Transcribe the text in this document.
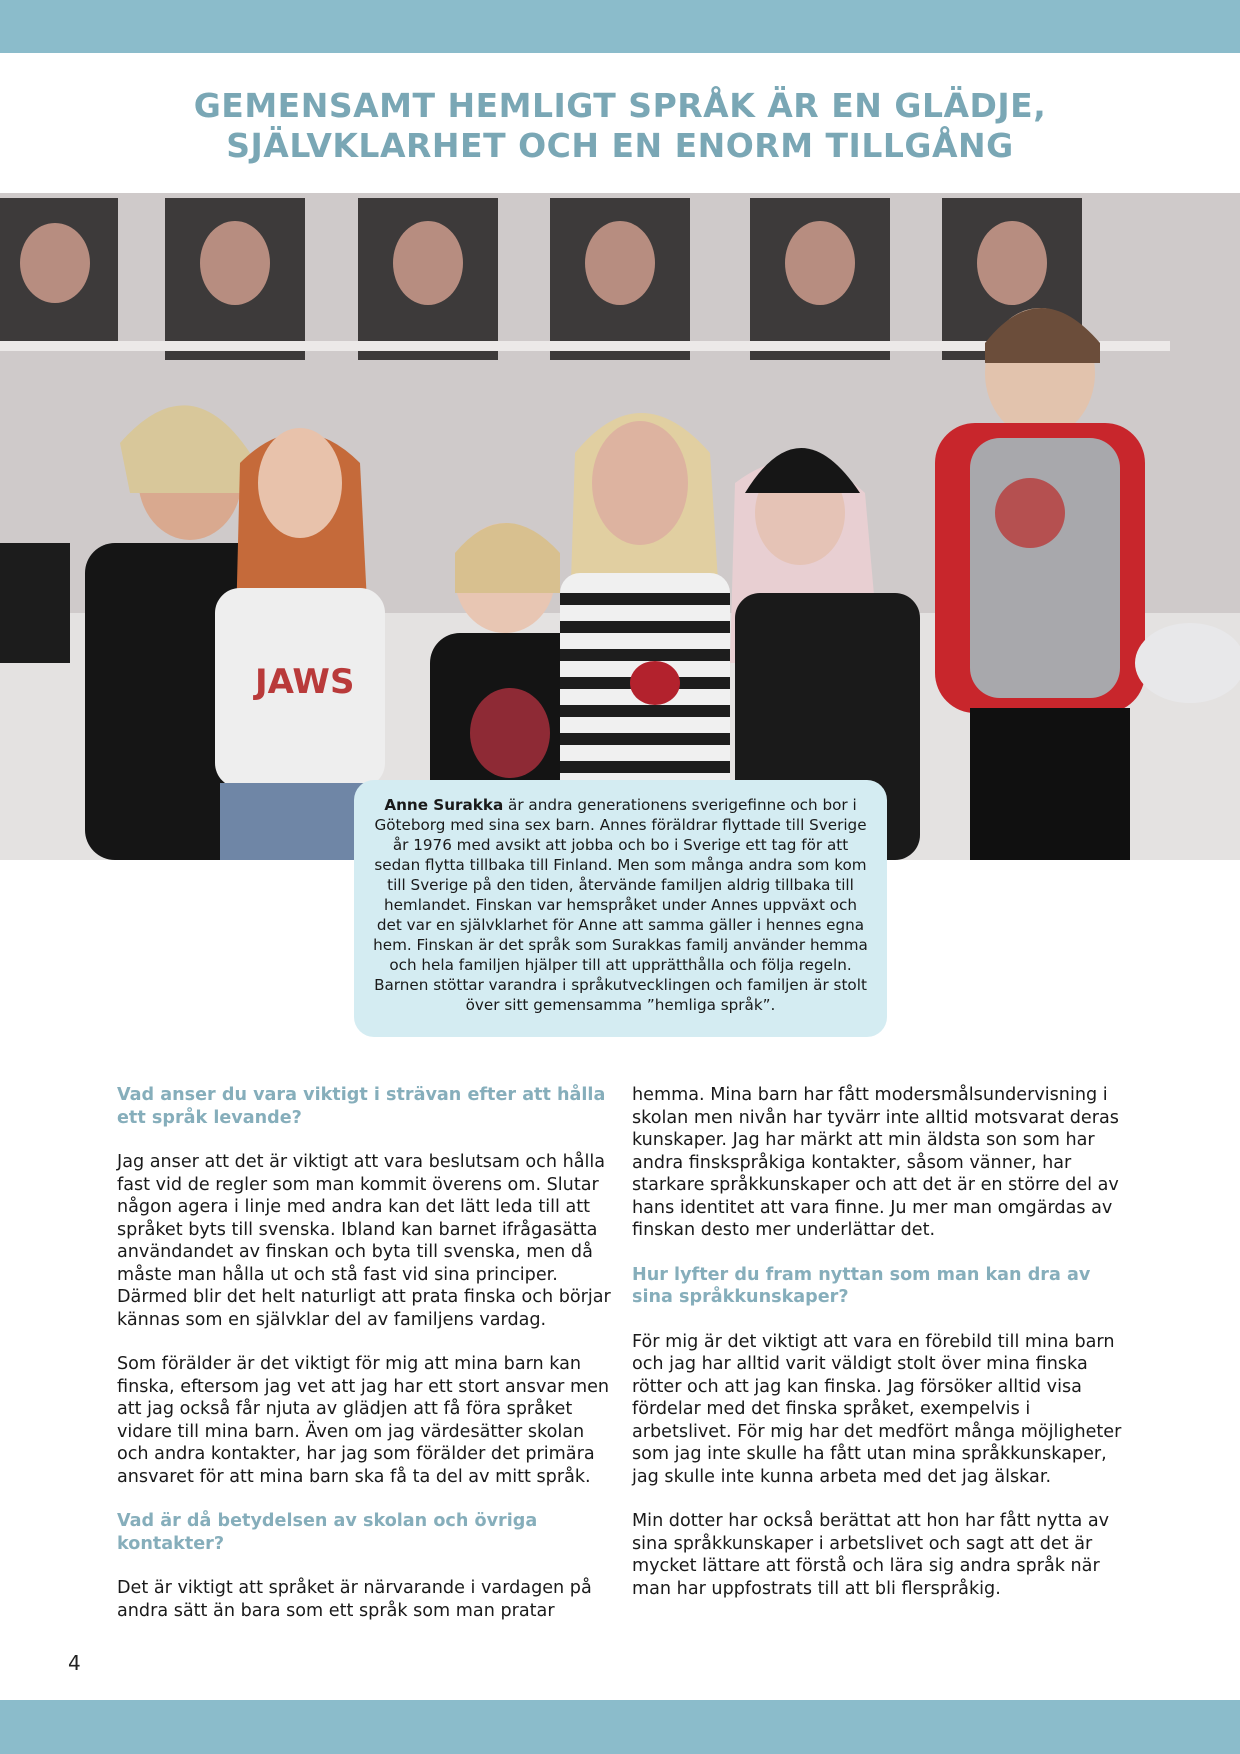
GEMENSAMT HEMLIGT SPRÅK ÄR EN GLÄDJE,
SJÄLVKLARHET OCH EN ENORM TILLGÅNG
JAWS
Anne Surakka är andra generationens sverigefinne och bor i Göteborg med sina sex barn. Annes föräldrar flyttade till Sverige år 1976 med avsikt att jobba och bo i Sverige ett tag för att sedan flytta tillbaka till Finland. Men som många andra som kom till Sverige på den tiden, återvände familjen aldrig tillbaka till hemlandet. Finskan var hemspråket under Annes uppväxt och det var en självklarhet för Anne att samma gäller i hennes egna hem. Finskan är det språk som Surakkas familj använder hemma och hela familjen hjälper till att upprätthålla och följa regeln. Barnen stöttar varandra i språkutvecklingen och familjen är stolt över sitt gemensamma ”hemliga språk”.
Vad anser du vara viktigt i strävan efter att hålla ett språk levande?

Jag anser att det är viktigt att vara beslutsam och hålla fast vid de regler som man kommit överens om. Slutar någon agera i linje med andra kan det lätt leda till att språket byts till svenska. Ibland kan barnet ifrågasätta användandet av finskan och byta till svenska, men då måste man hålla ut och stå fast vid sina principer. Därmed blir det helt naturligt att prata finska och börjar kännas som en självklar del av familjens vardag.

Som förälder är det viktigt för mig att mina barn kan finska, eftersom jag vet att jag har ett stort ansvar men att jag också får njuta av glädjen att få föra språket vidare till mina barn. Även om jag värdesätter skolan och andra kontakter, har jag som förälder det primära ansvaret för att mina barn ska få ta del av mitt språk.

Vad är då betydelsen av skolan och övriga kontakter?

Det är viktigt att språket är närvarande i vardagen på andra sätt än bara som ett språk som man pratar

hemma. Mina barn har fått modersmålsundervisning i skolan men nivån har tyvärr inte alltid motsvarat deras kunskaper. Jag har märkt att min äldsta son som har andra finskspråkiga kontakter, såsom vänner, har starkare språkkunskaper och att det är en större del av hans identitet att vara finne. Ju mer man omgärdas av finskan desto mer underlättar det.

Hur lyfter du fram nyttan som man kan dra av sina språkkunskaper?

För mig är det viktigt att vara en förebild till mina barn och jag har alltid varit väldigt stolt över mina finska rötter och att jag kan finska. Jag försöker alltid visa fördelar med det finska språket, exempelvis i arbetslivet. För mig har det medfört många möjligheter som jag inte skulle ha fått utan mina språkkunskaper, jag skulle inte kunna arbeta med det jag älskar.

Min dotter har också berättat att hon har fått nytta av sina språkkunskaper i arbetslivet och sagt att det är mycket lättare att förstå och lära sig andra språk när man har uppfostrats till att bli flerspråkig.

4
